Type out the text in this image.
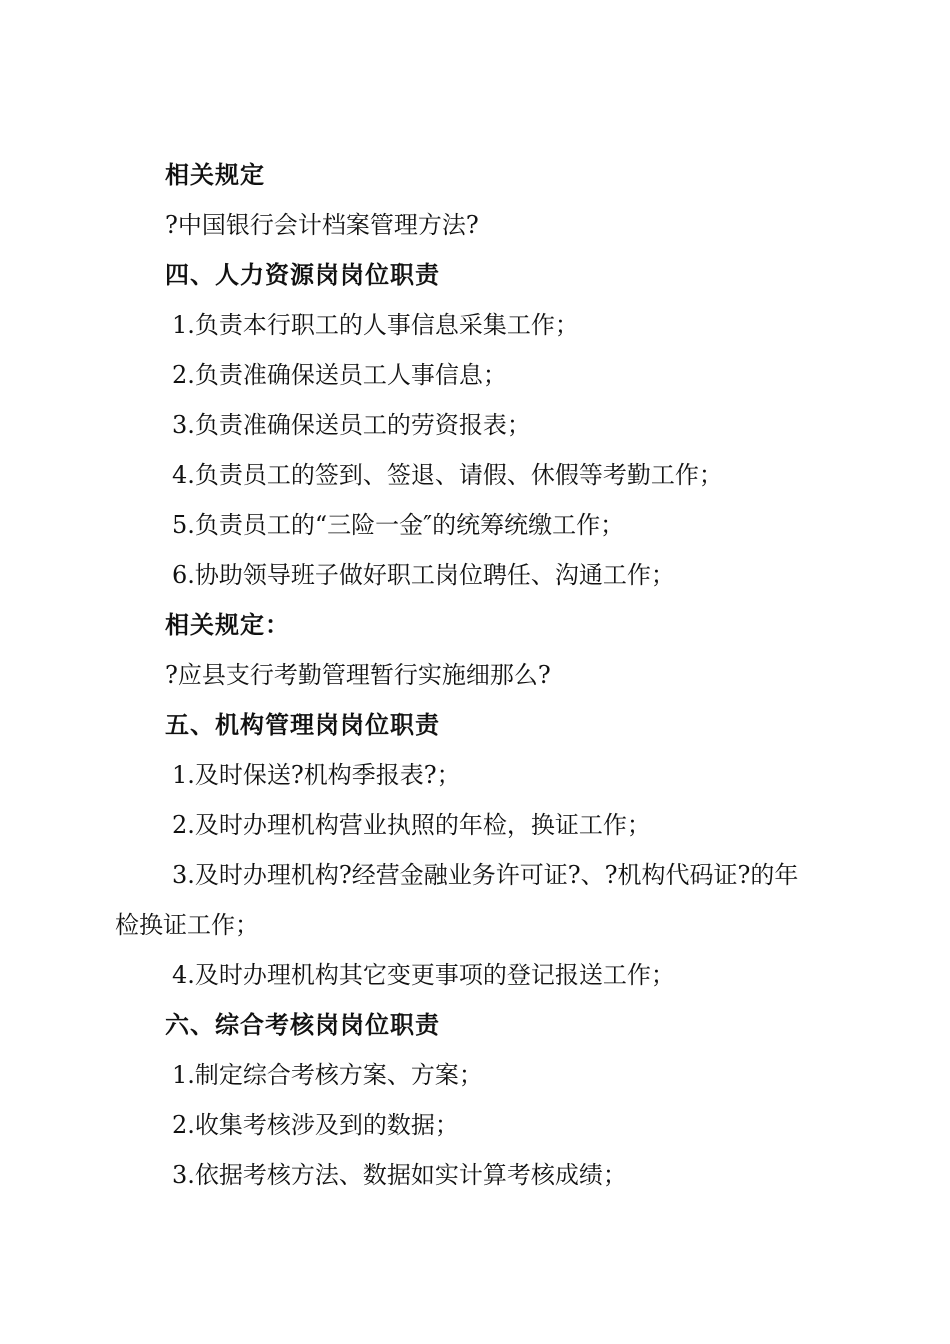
相关规定
?中国银行会计档案管理方法?
四、人力资源岗岗位职责
1.负责本行职工的人事信息采集工作；
2.负责准确保送员工人事信息；
3.负责准确保送员工的劳资报表；
4.负责员工的签到、签退、请假、休假等考勤工作；
5.负责员工的“三险一金″的统筹统缴工作；
6.协助领导班子做好职工岗位聘任、沟通工作；
相关规定：
?应县支行考勤管理暂行实施细那么?
五、机构管理岗岗位职责
1.及时保送?机构季报表?；
2.及时办理机构营业执照的年检，换证工作；
3.及时办理机构?经营金融业务许可证?、?机构代码证?的年
检换证工作；
4.及时办理机构其它变更事项的登记报送工作；
六、综合考核岗岗位职责
1.制定综合考核方案、方案；
2.收集考核涉及到的数据；
3.依据考核方法、数据如实计算考核成绩；
